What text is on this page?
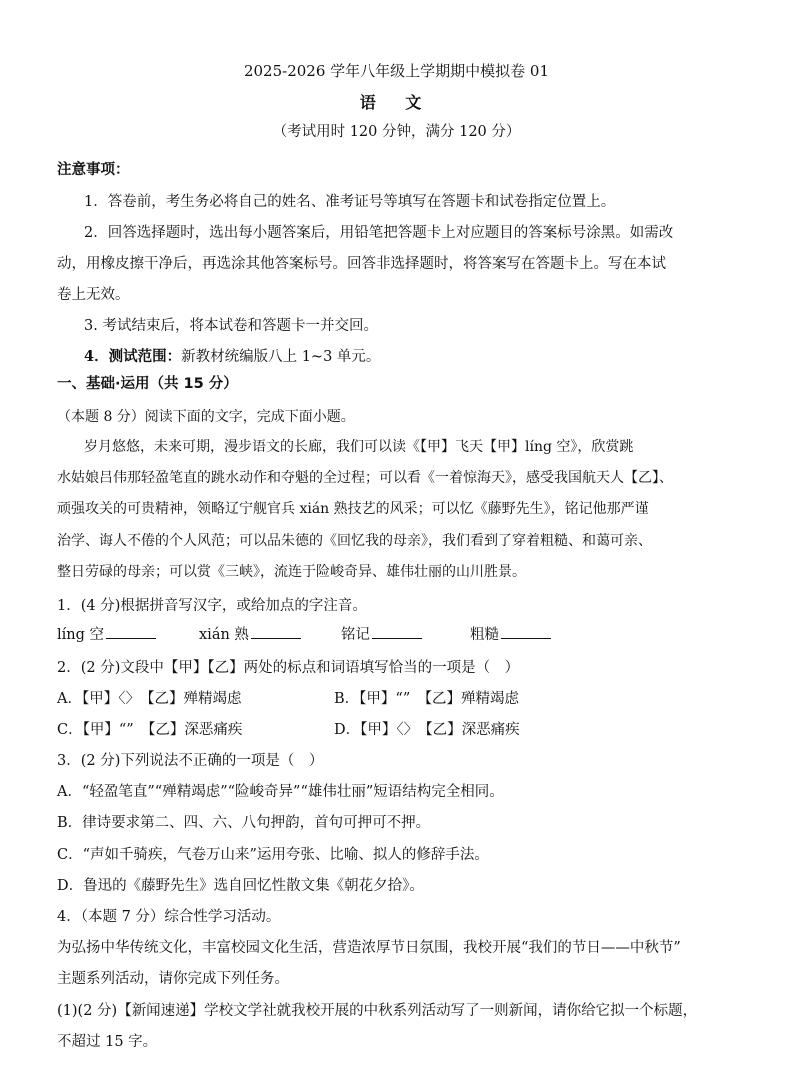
2025-2026 学年八年级上学期期中模拟卷 01
语 文
（考试用时 120 分钟，满分 120 分）
注意事项：
1．答卷前，考生务必将自己的姓名、准考证号等填写在答题卡和试卷指定位置上。
2．回答选择题时，选出每小题答案后，用铅笔把答题卡上对应题目的答案标号涂黑。如需改
动，用橡皮擦干净后，再选涂其他答案标号。回答非选择题时，将答案写在答题卡上。写在本试
卷上无效。
3. 考试结束后，将本试卷和答题卡一并交回。
4．测试范围：新教材统编版八上 1~3 单元。
一、基础·运用（共 15 分）
（本题 8 分）阅读下面的文字，完成下面小题。
岁月悠悠，未来可期，漫步语文的长廊，我们可以读《【甲】飞天【甲】líng 空》，欣赏跳
水姑娘吕伟那轻盈笔直的跳水动作和夺魁的全过程；可以看《一着惊海天》，感受我国航天人【乙】、
顽强攻关的可贵精神，领略辽宁舰官兵 xián 熟技艺的风采；可以忆《藤野先生》，铭记他那严谨
治学、诲人不倦的个人风范；可以品朱德的《回忆我的母亲》，我们看到了穿着粗糙、和蔼可亲、
整日劳碌的母亲；可以赏《三峡》，流连于险峻奇异、雄伟壮丽的山川胜景。
1．(4 分)根据拼音写汉字，或给加点的字注音。
líng 空	xián 熟	铭记	粗糙
2．(2 分)文段中【甲】【乙】两处的标点和词语填写恰当的一项是（　）
A．【甲】〈〉　【乙】殚精竭虑	B．【甲】“”　【乙】殚精竭虑
C．【甲】“”　【乙】深恶痛疾	D．【甲】〈〉　【乙】深恶痛疾
3．(2 分)下列说法不正确的一项是（　）
A．“轻盈笔直”“殚精竭虑”“险峻奇异”“雄伟壮丽”短语结构完全相同。
B．律诗要求第二、四、六、八句押韵，首句可押可不押。
C．“声如千骑疾，气卷万山来”运用夸张、比喻、拟人的修辞手法。
D．鲁迅的《藤野先生》选自回忆性散文集《朝花夕拾》。
4．（本题 7 分）综合性学习活动。
为弘扬中华传统文化，丰富校园文化生活，营造浓厚节日氛围，我校开展“我们的节日——中秋节”
主题系列活动，请你完成下列任务。
(1)(2 分)【新闻速递】学校文学社就我校开展的中秋系列活动写了一则新闻，请你给它拟一个标题，
不超过 15 字。
